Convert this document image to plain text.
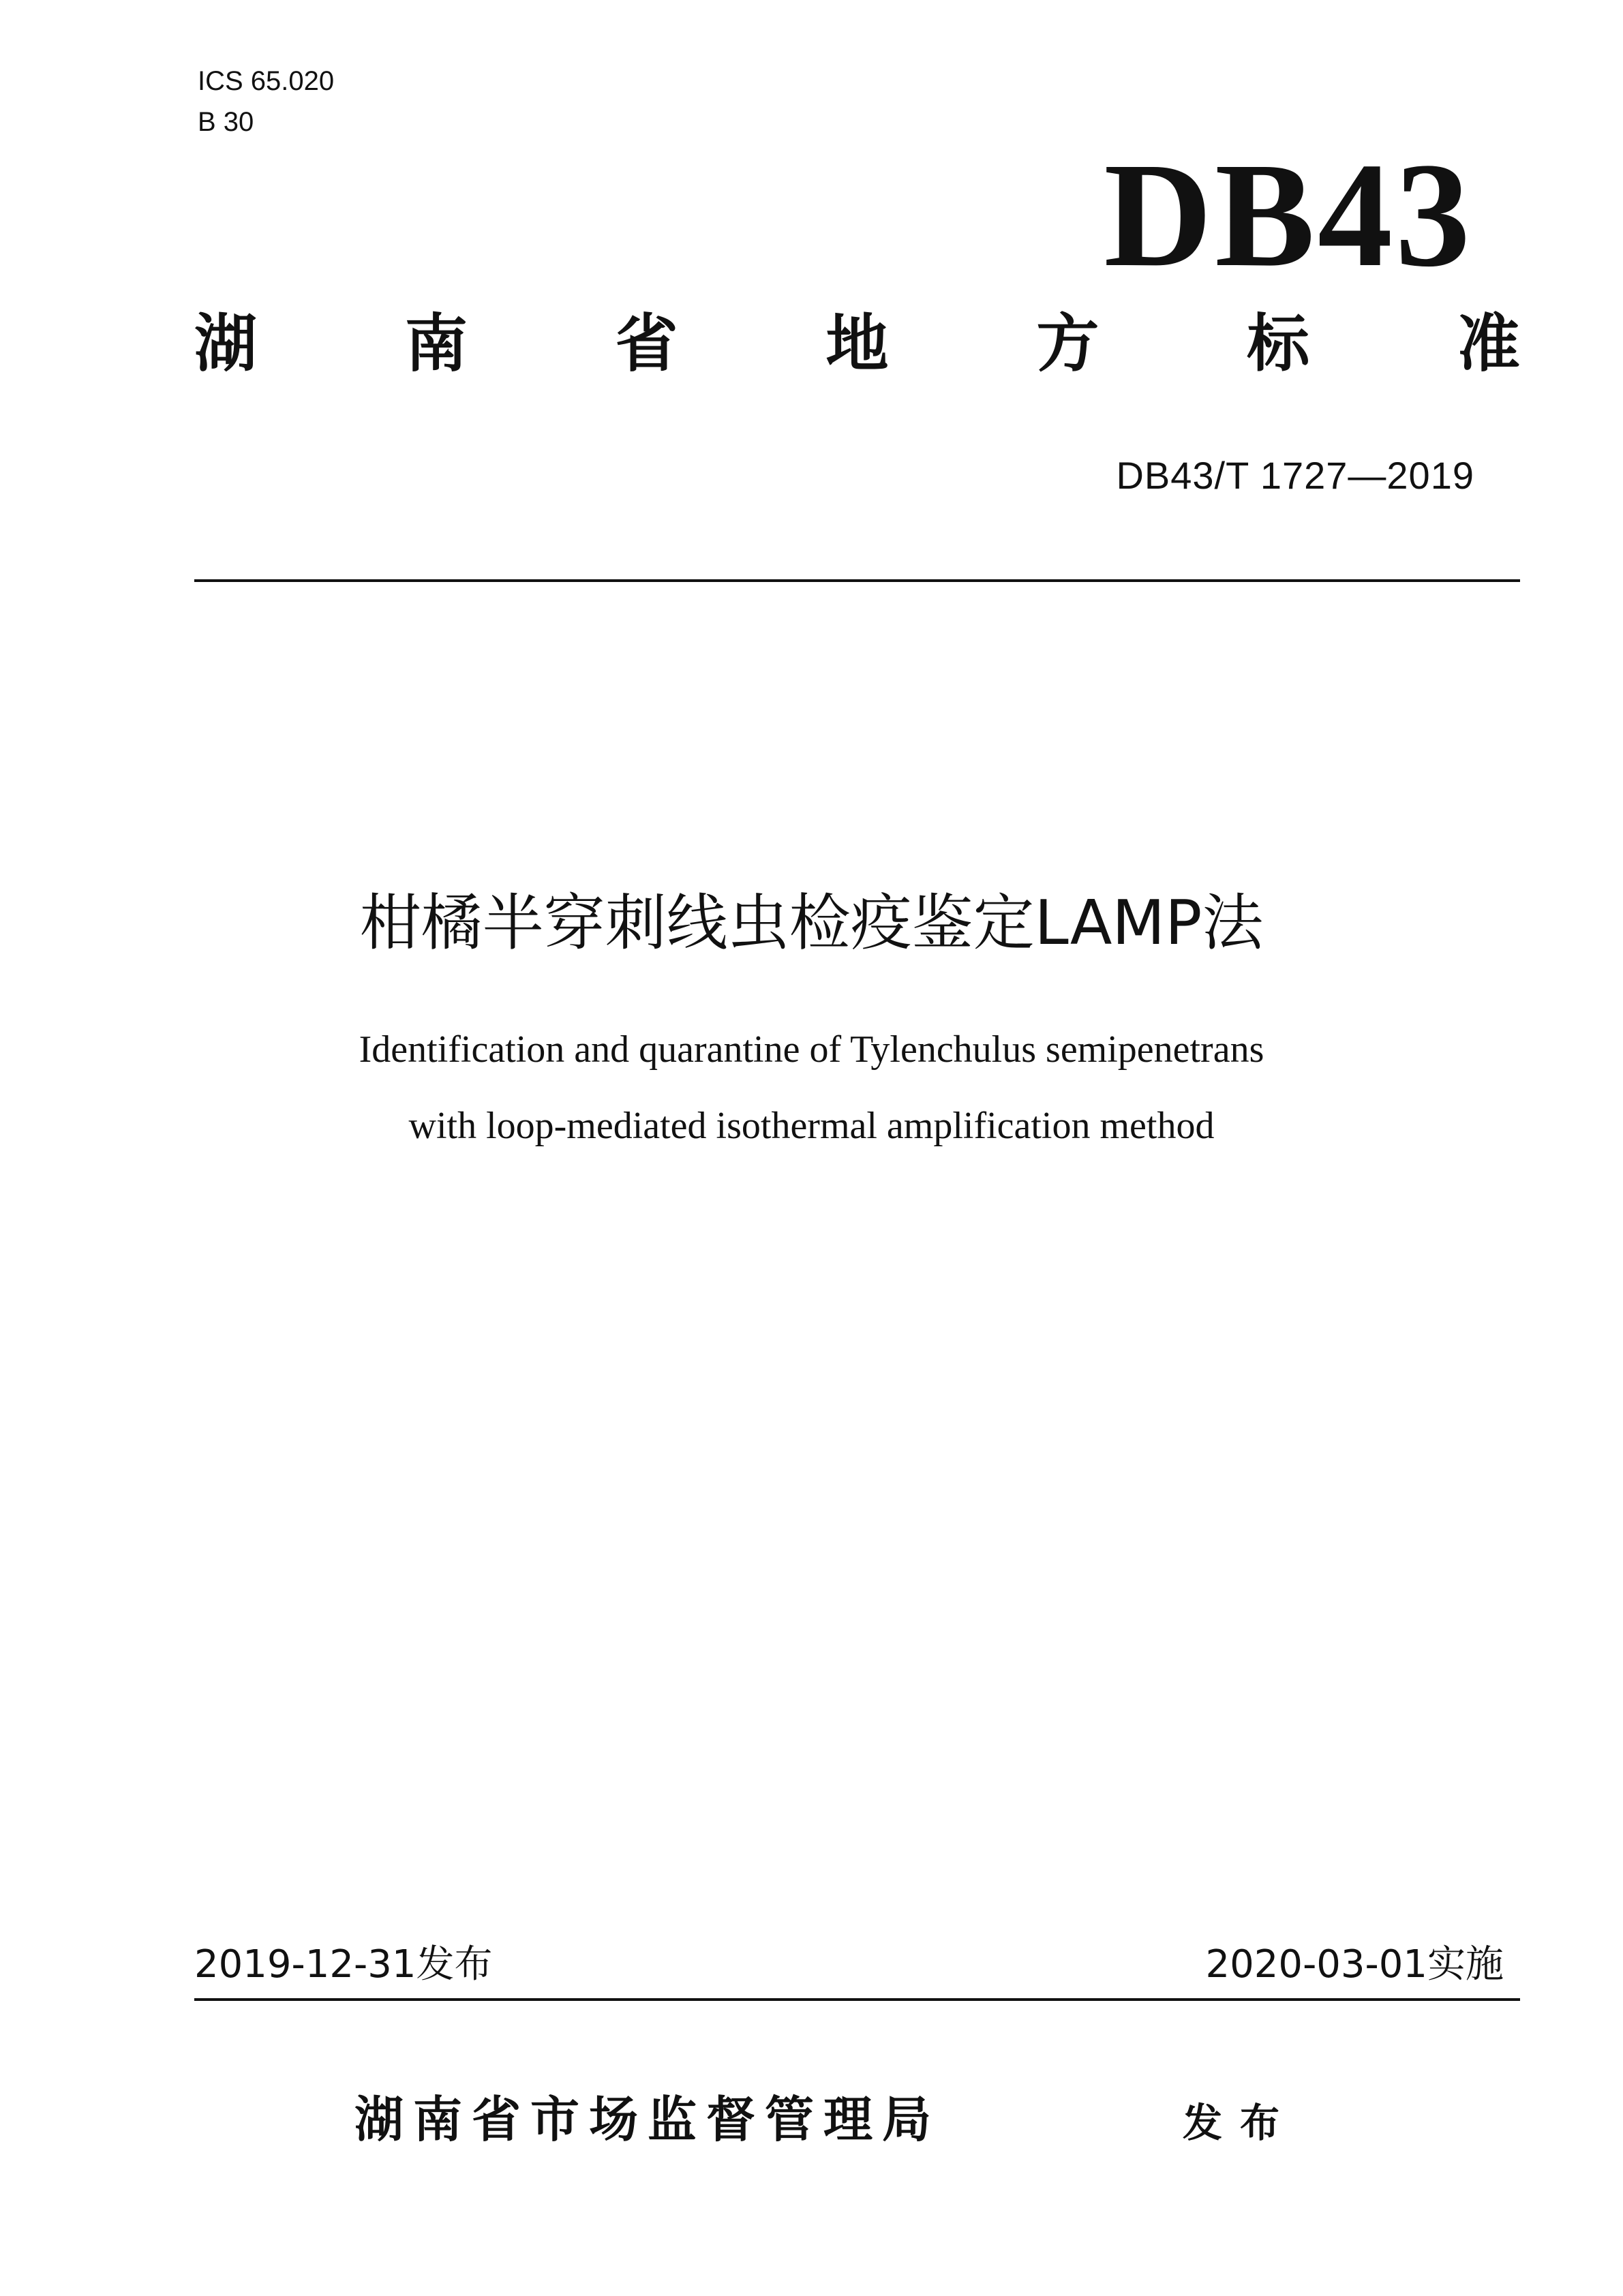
ICS 65.020
B 30
DB43
湖 南 省 地 方 标 准
DB43/T 1727—2019
柑橘半穿刺线虫检疫鉴定LAMP法
Identification and quarantine of Tylenchulus semipenetrans
with loop-mediated isothermal amplification method
2019-12-31发布	2020-03-01实施
湖南省市场监督管理局	发布
